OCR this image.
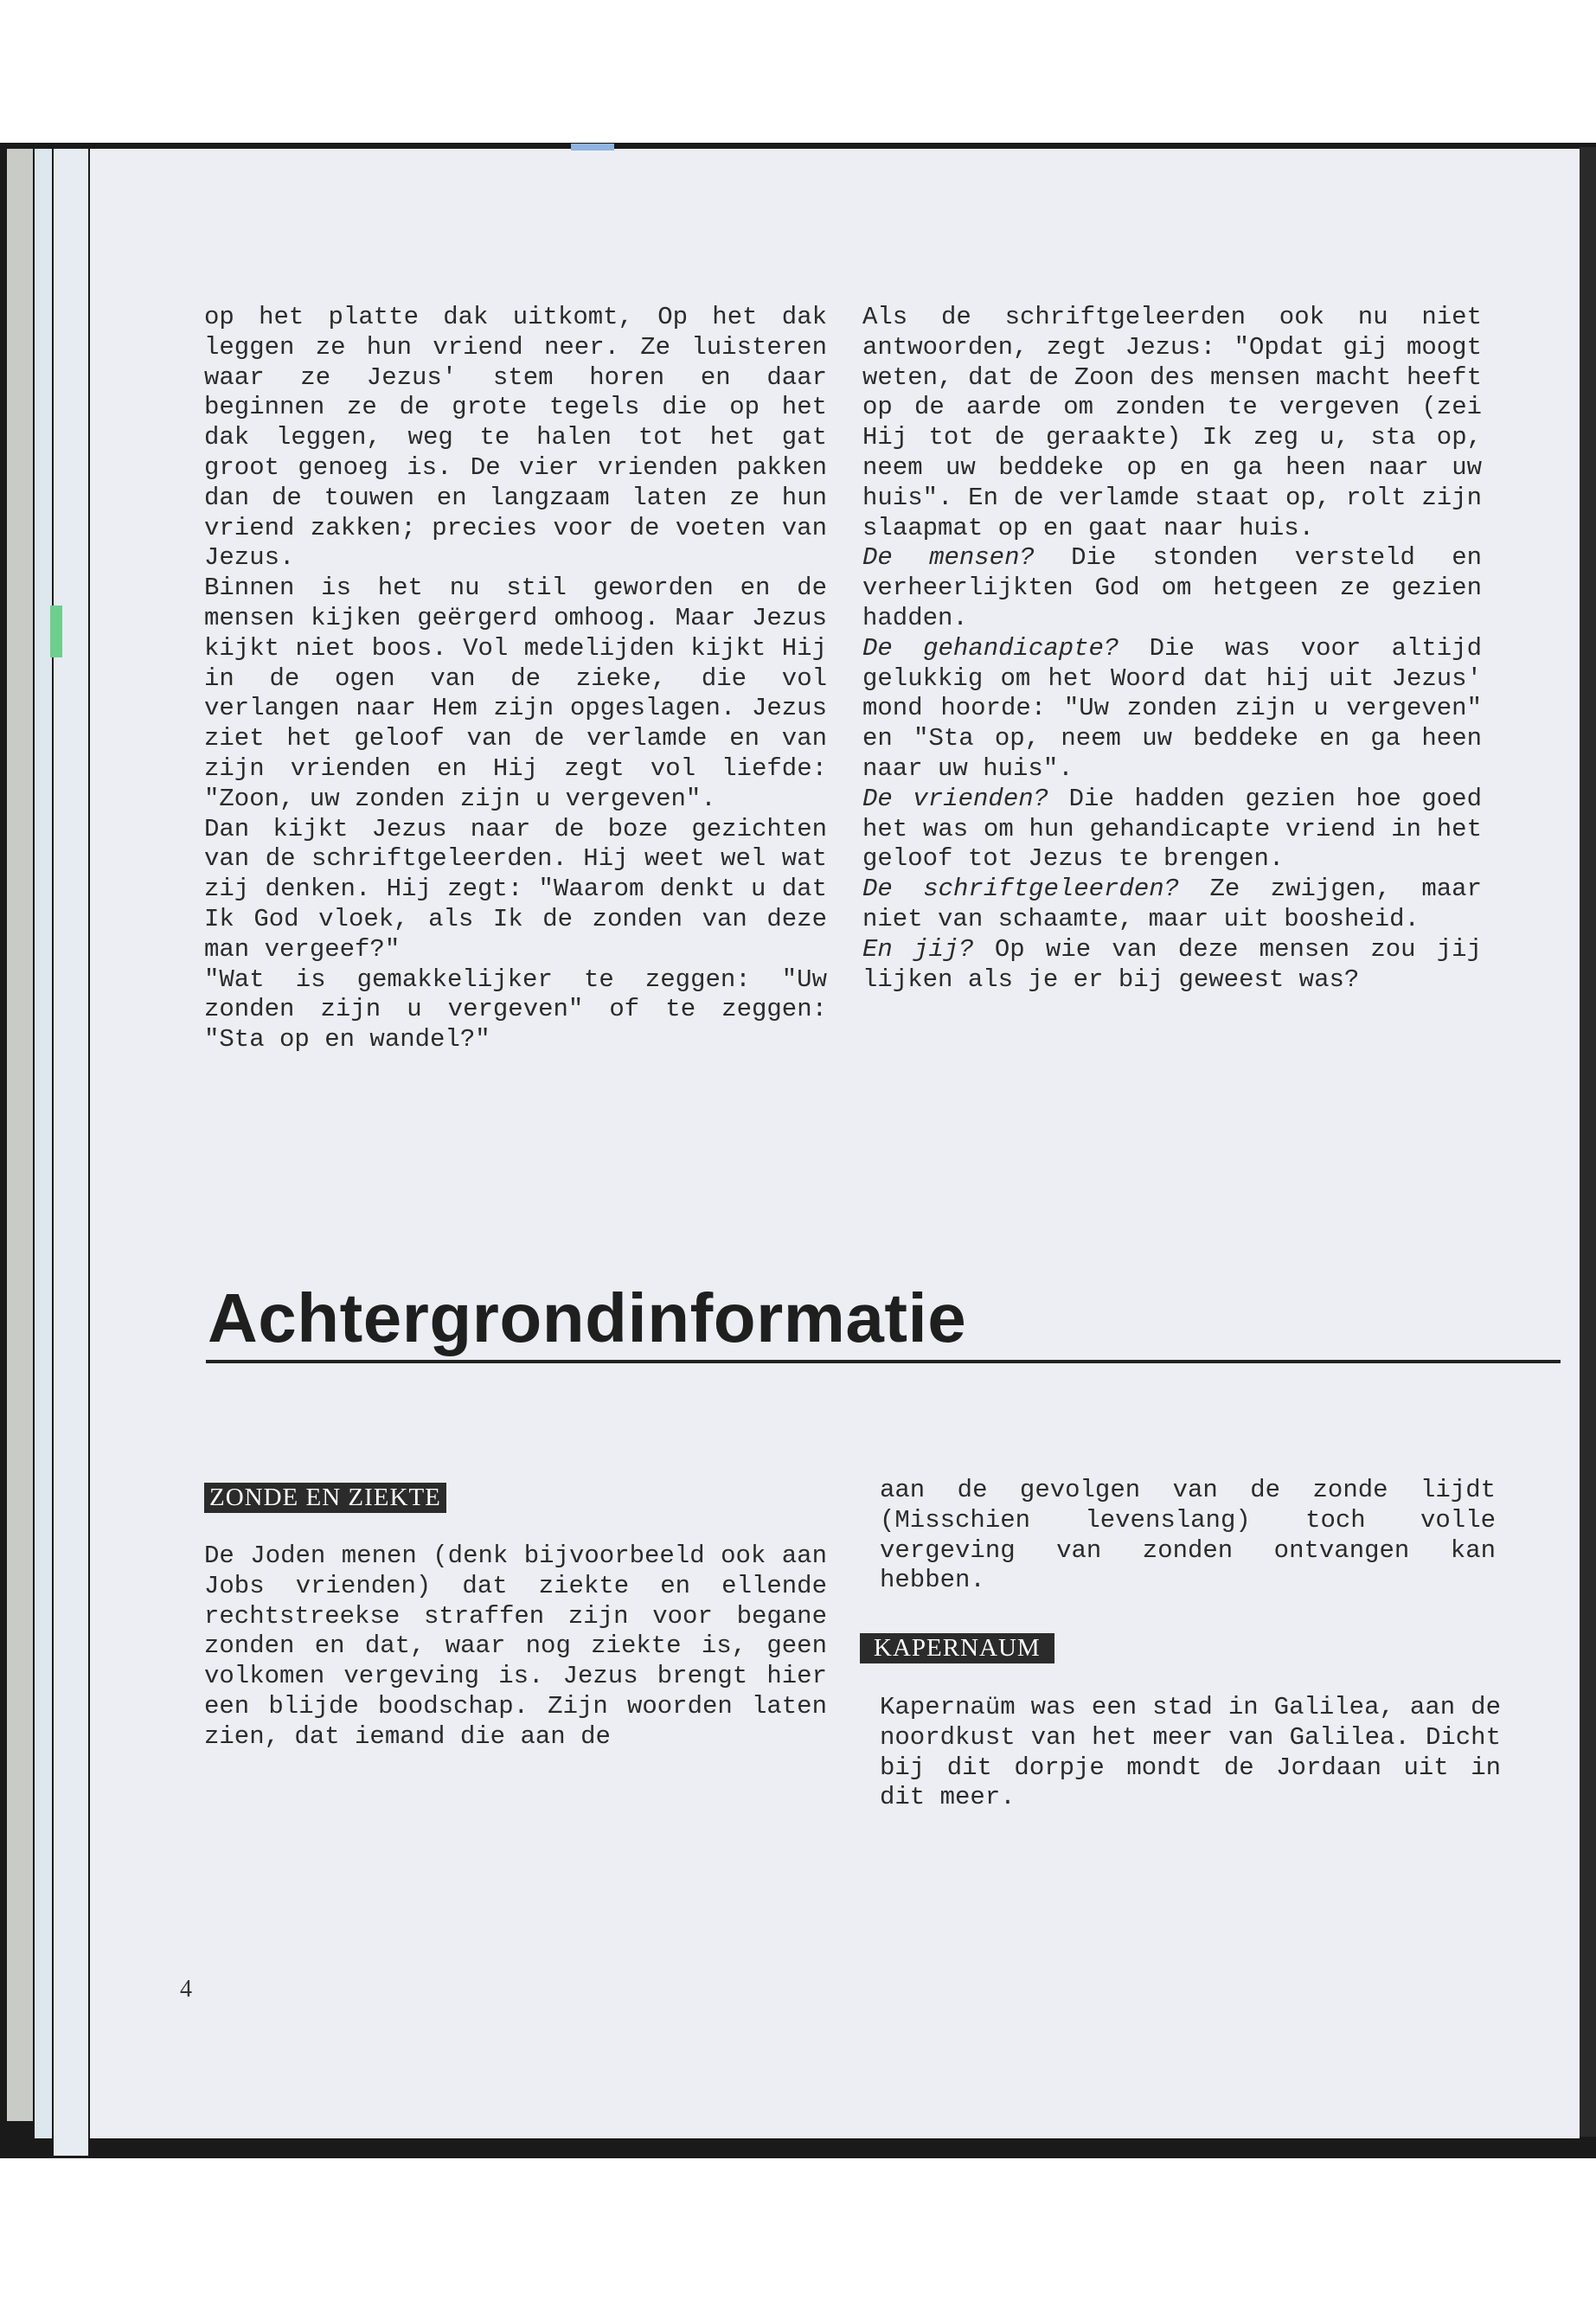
op het platte dak uitkomt, Op het dak leggen ze hun vriend neer. Ze luisteren waar ze Jezus' stem horen en daar beginnen ze de grote tegels die op het dak leggen, weg te halen tot het gat groot genoeg is. De vier vrienden pakken dan de touwen en langzaam laten ze hun vriend zakken; precies voor de voeten van Jezus.

Binnen is het nu stil geworden en de mensen kijken geërgerd omhoog. Maar Jezus kijkt niet boos. Vol medelijden kijkt Hij in de ogen van de zieke, die vol verlangen naar Hem zijn opgeslagen. Jezus ziet het geloof van de verlamde en van zijn vrienden en Hij zegt vol liefde: "Zoon, uw zonden zijn u vergeven".

Dan kijkt Jezus naar de boze gezichten van de schriftgeleerden. Hij weet wel wat zij denken. Hij zegt: "Waarom denkt u dat Ik God vloek, als Ik de zonden van deze man vergeef?"

"Wat is gemakkelijker te zeggen: "Uw zonden zijn u vergeven" of te zeggen: "Sta op en wandel?"

Als de schriftgeleerden ook nu niet antwoorden, zegt Jezus: "Opdat gij moogt weten, dat de Zoon des mensen macht heeft op de aarde om zonden te vergeven (zei Hij tot de geraakte) Ik zeg u, sta op, neem uw beddeke op en ga heen naar uw huis". En de verlamde staat op, rolt zijn slaapmat op en gaat naar huis.

De mensen? Die stonden versteld en verheerlijkten God om hetgeen ze gezien hadden.

De gehandicapte? Die was voor altijd gelukkig om het Woord dat hij uit Jezus' mond hoorde: "Uw zonden zijn u vergeven" en "Sta op, neem uw beddeke en ga heen naar uw huis".

De vrienden? Die hadden gezien hoe goed het was om hun gehandicapte vriend in het geloof tot Jezus te brengen.

De schriftgeleerden? Ze zwijgen, maar niet van schaamte, maar uit boosheid.

En jij? Op wie van deze mensen zou jij lijken als je er bij geweest was?

Achtergrondinformatie
ZONDE EN ZIEKTE
De Joden menen (denk bijvoorbeeld ook aan Jobs vrienden) dat ziekte en ellende rechtstreekse straffen zijn voor begane zonden en dat, waar nog ziekte is, geen volkomen vergeving is. Jezus brengt hier een blijde boodschap. Zijn woorden laten zien, dat iemand die aan de
aan de gevolgen van de zonde lijdt (Misschien levenslang) toch volle vergeving van zonden ontvangen kan hebben.
KAPERNAUM
Kapernaüm was een stad in Galilea, aan de noordkust van het meer van Galilea. Dicht bij dit dorpje mondt de Jordaan uit in dit meer.
4
